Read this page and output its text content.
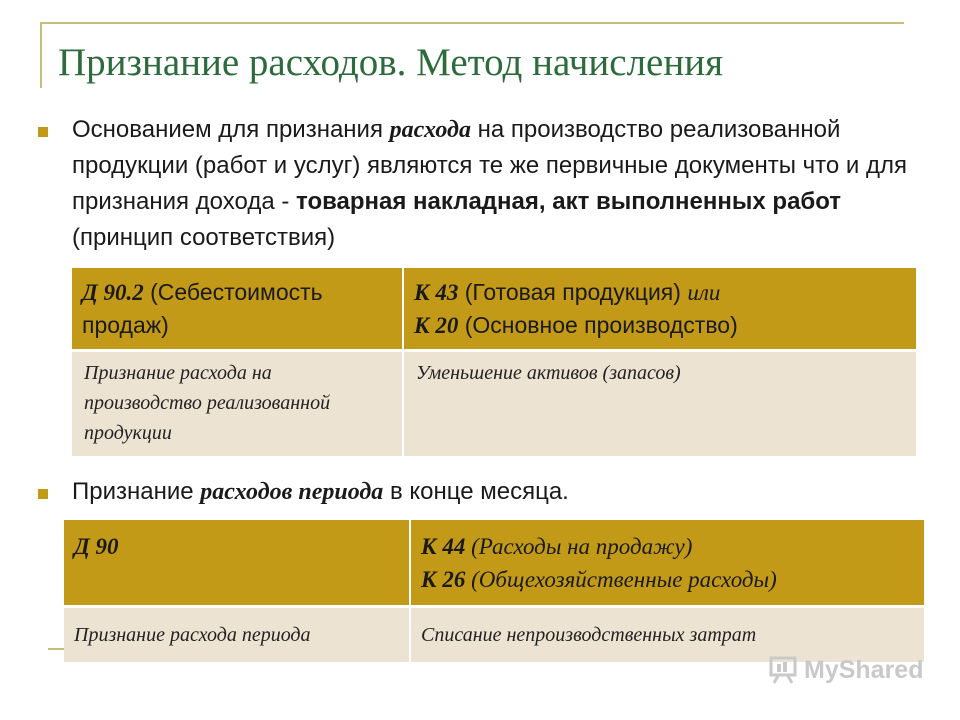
Признание расходов. Метод начисления
Основанием для признания расхода на производство реализованной продукции (работ и услуг) являются те же первичные документы что и для признания дохода - товарная накладная, акт выполненных работ (принцип соответствия)
Д 90.2 (Себестоимость продаж)	К 43 (Готовая продукция) или
К 20 (Основное производство)

Признание расхода на производство реализованной продукции	Уменьшение активов (запасов)
Признание расходов периода в конце месяца.
Д 90	К 44 (Расходы на продажу)
К 26 (Общехозяйственные расходы)

Признание расхода периода	Списание непроизводственных затрат
MyShared
